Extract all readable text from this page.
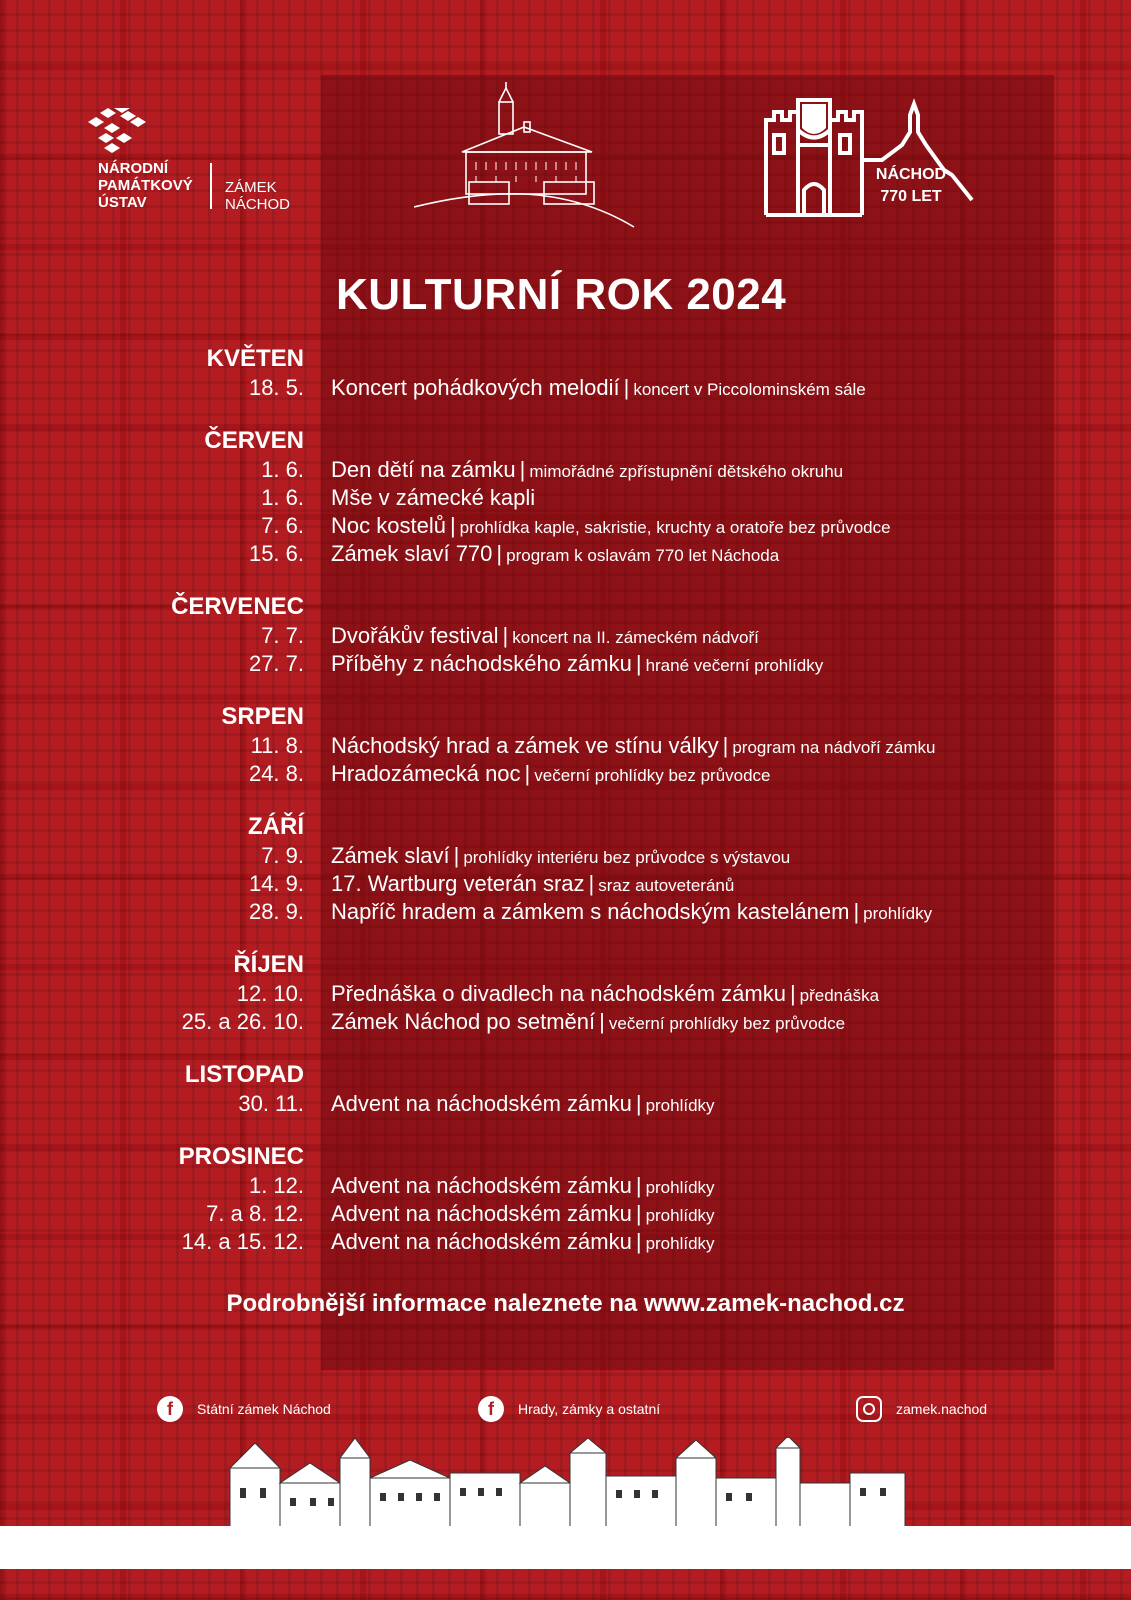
NÁRODNÍ
PAMÁTKOVÝ
ÚSTAV
ZÁMEK
NÁCHOD
NÁCHOD
770 LET
KULTURNÍ ROK 2024
KVĚTEN
18. 5. Koncert pohádkových melodií | koncert v Piccolominském sále
ČERVEN
1. 6. Den dětí na zámku | mimořádné zpřístupnění dětského okruhu
1. 6. Mše v zámecké kapli
7. 6. Noc kostelů | prohlídka kaple, sakristie, kruchty a oratoře bez průvodce
15. 6. Zámek slaví 770 | program k oslavám 770 let Náchoda
ČERVENEC
7. 7. Dvořákův festival | koncert na II. zámeckém nádvoří
27. 7. Příběhy z náchodského zámku | hrané večerní prohlídky
SRPEN
11. 8. Náchodský hrad a zámek ve stínu války | program na nádvoří zámku
24. 8. Hradozámecká noc | večerní prohlídky bez průvodce
ZÁŘÍ
7. 9. Zámek slaví | prohlídky interiéru bez průvodce s výstavou
14. 9. 17. Wartburg veterán sraz | sraz autoveteránů
28. 9. Napříč hradem a zámkem s náchodským kastelánem | prohlídky
ŘÍJEN
12. 10. Přednáška o divadlech na náchodském zámku | přednáška
25. a 26. 10. Zámek Náchod po setmění | večerní prohlídky bez průvodce
LISTOPAD
30. 11. Advent na náchodském zámku | prohlídky
PROSINEC
1. 12. Advent na náchodském zámku | prohlídky
7. a 8. 12. Advent na náchodském zámku | prohlídky
14. a 15. 12. Advent na náchodském zámku | prohlídky
Podrobnější informace naleznete na www.zamek-nachod.cz
f	Státní zámek Náchod	f	Hrady, zámky a ostatní	zamek.nachod
